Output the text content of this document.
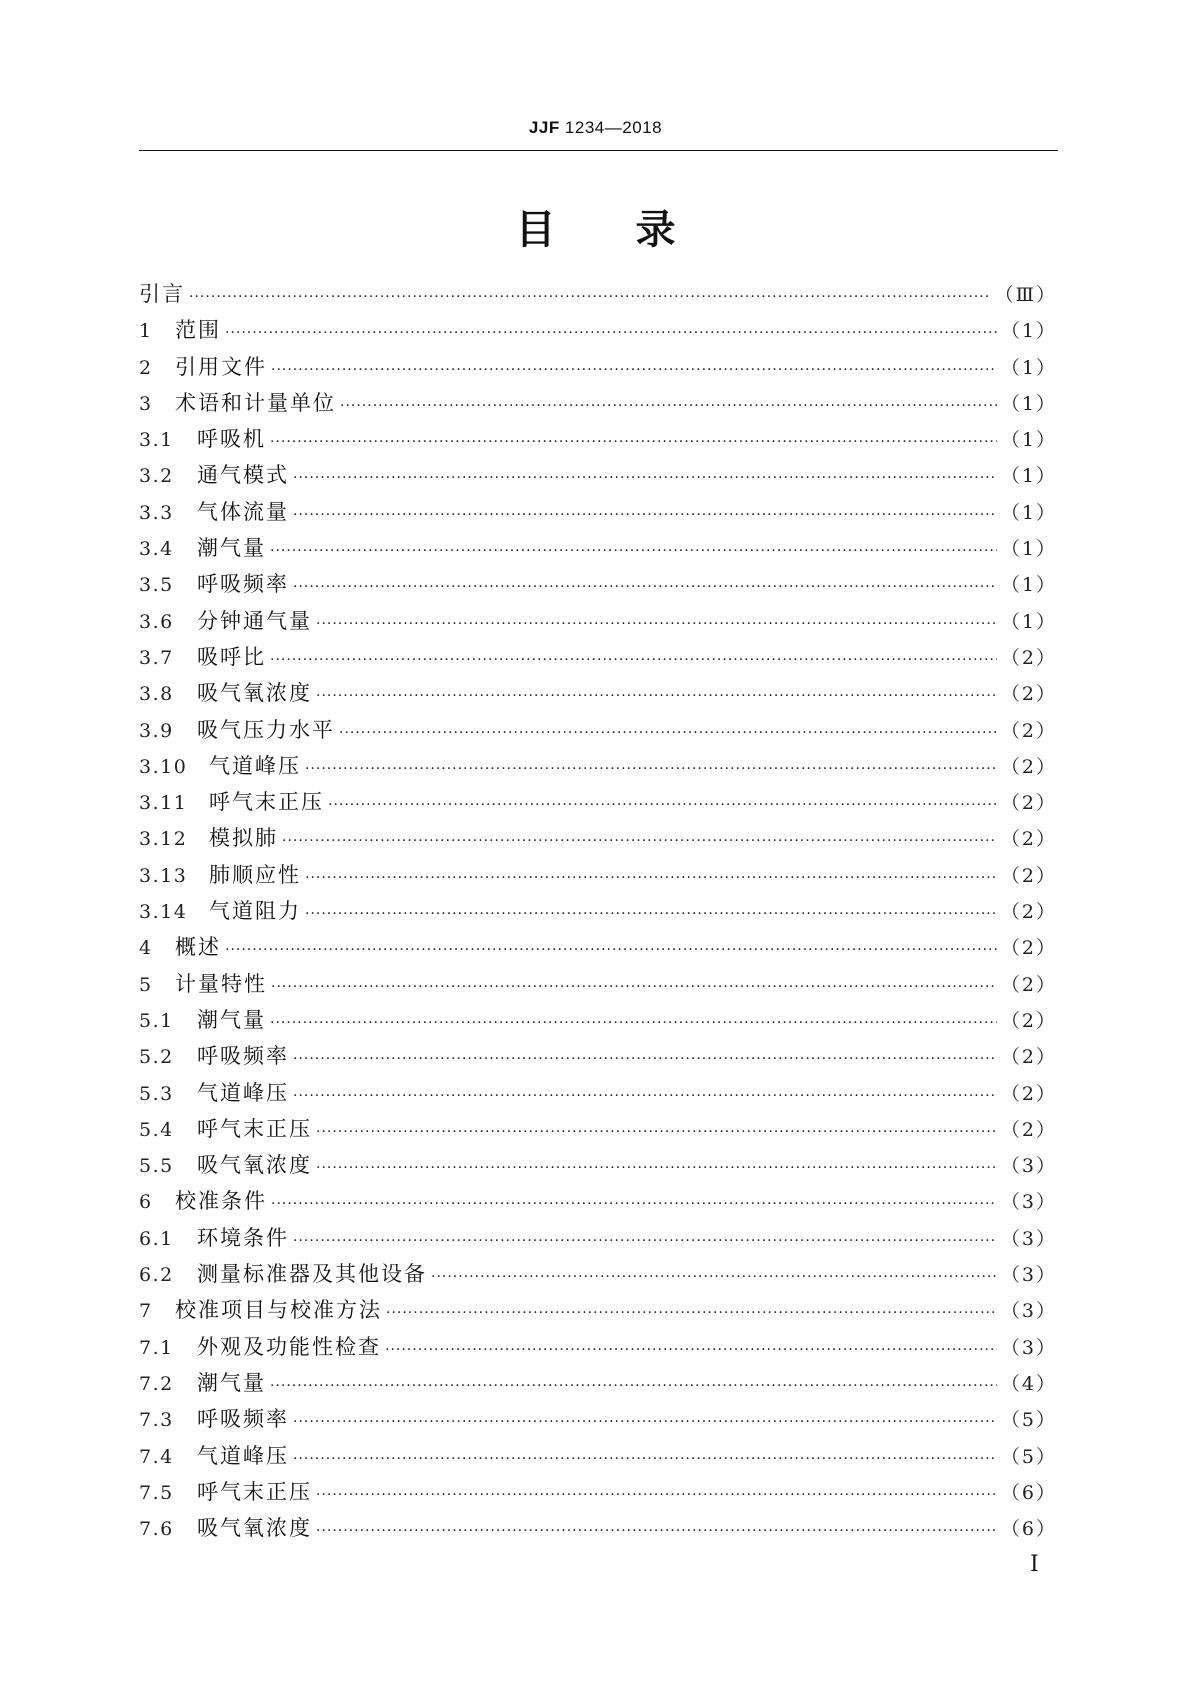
JJF 1234—2018
目 录
引言 ·····	（Ⅲ）
1	范围 ·····	（1）
2	引用文件 ·····	（1）
3	术语和计量单位 ·····	（1）
3.1	呼吸机 ·····	（1）
3.2	通气模式 ·····	（1）
3.3	气体流量 ·····	（1）
3.4	潮气量 ·····	（1）
3.5	呼吸频率 ·····	（1）
3.6	分钟通气量 ·····	（1）
3.7	吸呼比 ·····	（2）
3.8	吸气氧浓度 ·····	（2）
3.9	吸气压力水平 ·····	（2）
3.10	气道峰压 ·····	（2）
3.11	呼气末正压 ·····	（2）
3.12	模拟肺 ·····	（2）
3.13	肺顺应性 ·····	（2）
3.14	气道阻力 ·····	（2）
4	概述 ·····	（2）
5	计量特性 ·····	（2）
5.1	潮气量 ·····	（2）
5.2	呼吸频率 ·····	（2）
5.3	气道峰压 ·····	（2）
5.4	呼气末正压 ·····	（2）
5.5	吸气氧浓度 ·····	（3）
6	校准条件 ·····	（3）
6.1	环境条件 ·····	（3）
6.2	测量标准器及其他设备 ·····	（3）
7	校准项目与校准方法 ·····	（3）
7.1	外观及功能性检查 ·····	（3）
7.2	潮气量 ·····	（4）
7.3	呼吸频率 ·····	（5）
7.4	气道峰压 ·····	（5）
7.5	呼气末正压 ·····	（6）
7.6	吸气氧浓度 ·····	（6）
Ⅰ
